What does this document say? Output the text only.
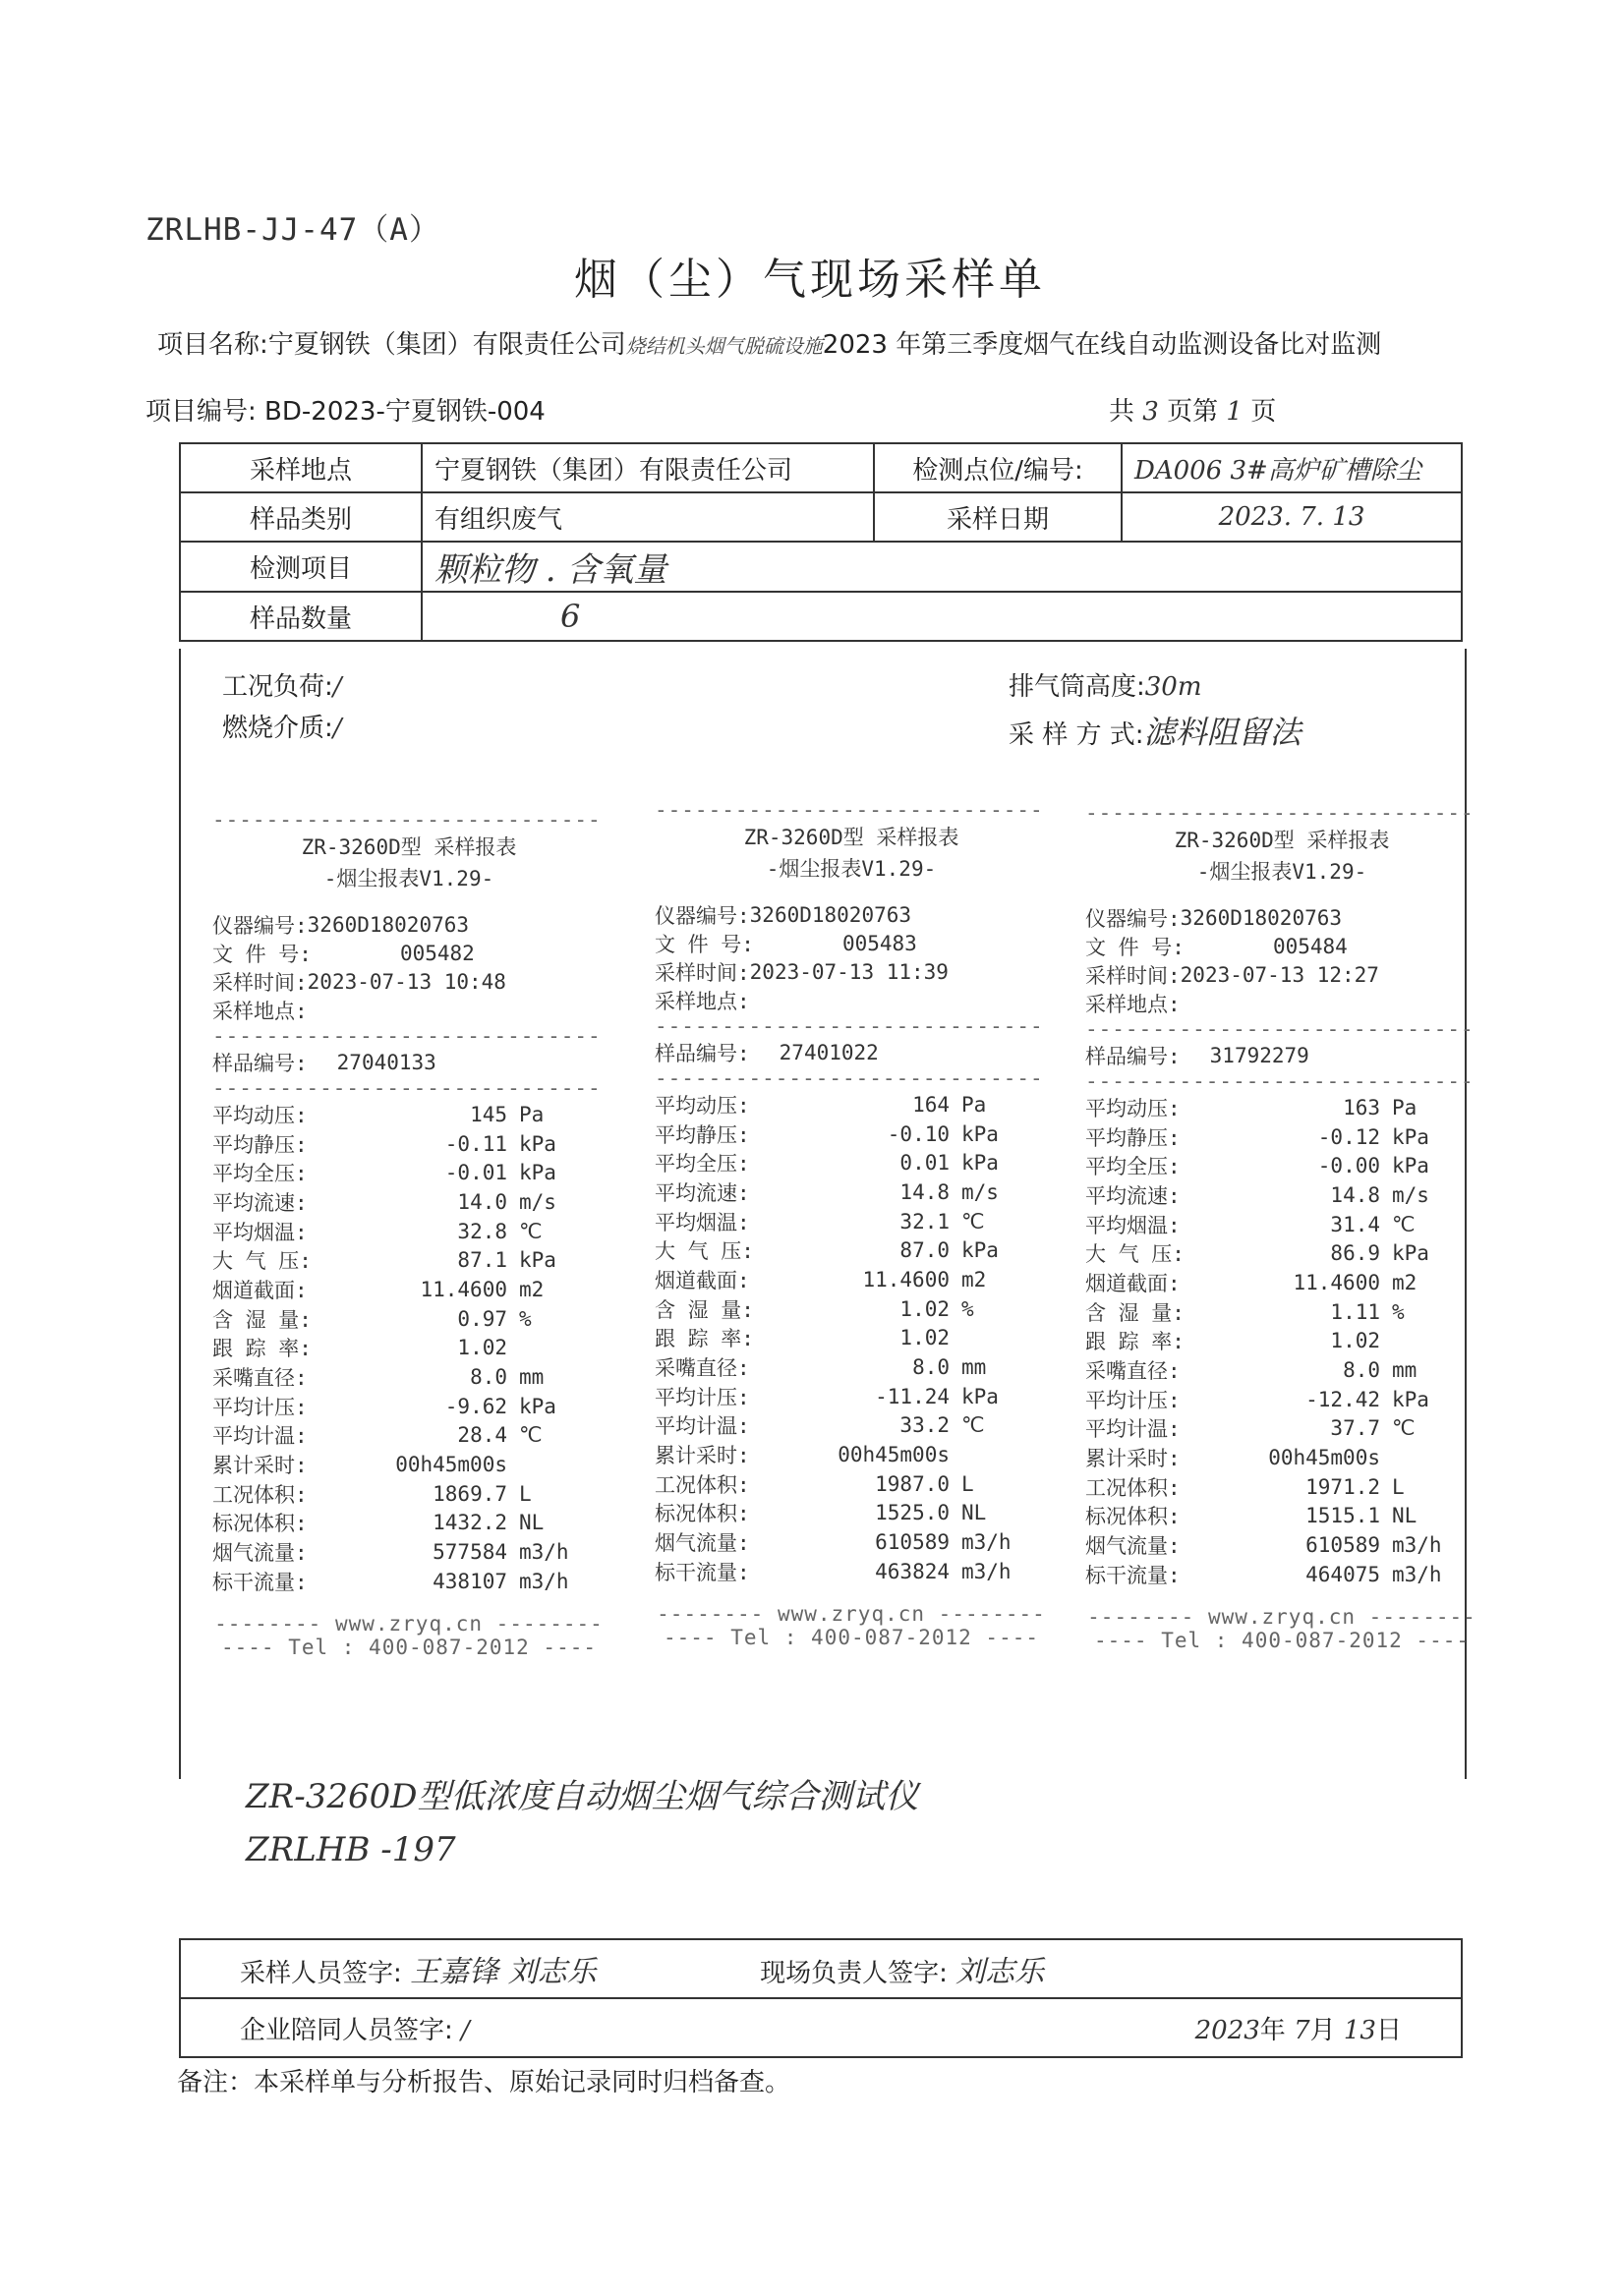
ZRLHB-JJ-47（A）
烟（尘）气现场采样单
项目名称:宁夏钢铁（集团）有限责任公司烧结机头烟气脱硫设施2023 年第三季度烟气在线自动监测设备比对监测
项目编号: BD-2023-宁夏钢铁-004	共 3 页第 1 页
采样地点	宁夏钢铁（集团）有限责任公司	检测点位/编号:	DA006 3#高炉矿槽除尘
样品类别	有组织废气	采样日期	2023. 7. 13
检测项目	颗粒物 . 含氧量		
样品数量	6		
工况负荷:/
燃烧介质:/
排气筒高度:30m
采 样 方 式:滤料阻留法
-----------------------------
ZR-3260D型 采样报表
-烟尘报表V1.29-
仪器编号: 3260D18020763
文 件 号:	005482
采样时间: 2023-07-13 10:48
采样地点:
-----------------------------
样品编号: 27040133
-----------------------------
平均动压:	145 Pa
平均静压:	-0.11 kPa
平均全压:	-0.01 kPa
平均流速:	14.0 m/s
平均烟温:	32.8 ℃
大 气 压:	87.1 kPa
烟道截面:	11.4600 m2
含 湿 量:	0.97 %
跟 踪 率:	1.02
采嘴直径:	8.0 mm
平均计压:	-9.62 kPa
平均计温:	28.4 ℃
累计采时:	00h45m00s
工况体积:	1869.7 L
标况体积:	1432.2 NL
烟气流量:	577584 m3/h
标干流量:	438107 m3/h
-------- www.zryq.cn --------
---- Tel : 400-087-2012 ----
-----------------------------
ZR-3260D型 采样报表
-烟尘报表V1.29-
仪器编号: 3260D18020763
文 件 号:	005483
采样时间: 2023-07-13 11:39
采样地点:
-----------------------------
样品编号: 27401022
-----------------------------
平均动压:	164 Pa
平均静压:	-0.10 kPa
平均全压:	0.01 kPa
平均流速:	14.8 m/s
平均烟温:	32.1 ℃
大 气 压:	87.0 kPa
烟道截面:	11.4600 m2
含 湿 量:	1.02 %
跟 踪 率:	1.02
采嘴直径:	8.0 mm
平均计压:	-11.24 kPa
平均计温:	33.2 ℃
累计采时:	00h45m00s
工况体积:	1987.0 L
标况体积:	1525.0 NL
烟气流量:	610589 m3/h
标干流量:	463824 m3/h
-------- www.zryq.cn --------
---- Tel : 400-087-2012 ----
-----------------------------
ZR-3260D型 采样报表
-烟尘报表V1.29-
仪器编号: 3260D18020763
文 件 号:	005484
采样时间: 2023-07-13 12:27
采样地点:
-----------------------------
样品编号: 31792279
-----------------------------
平均动压:	163 Pa
平均静压:	-0.12 kPa
平均全压:	-0.00 kPa
平均流速:	14.8 m/s
平均烟温:	31.4 ℃
大 气 压:	86.9 kPa
烟道截面:	11.4600 m2
含 湿 量:	1.11 %
跟 踪 率:	1.02
采嘴直径:	8.0 mm
平均计压:	-12.42 kPa
平均计温:	37.7 ℃
累计采时:	00h45m00s
工况体积:	1971.2 L
标况体积:	1515.1 NL
烟气流量:	610589 m3/h
标干流量:	464075 m3/h
-------- www.zryq.cn --------
---- Tel : 400-087-2012 ----
ZR-3260D型低浓度自动烟尘烟气综合测试仪
ZRLHB -197
采样人员签字: 王嘉锋 刘志乐	现场负责人签字: 刘志乐
企业陪同人员签字: /	2023年 7月 13日
备注：本采样单与分析报告、原始记录同时归档备查。
